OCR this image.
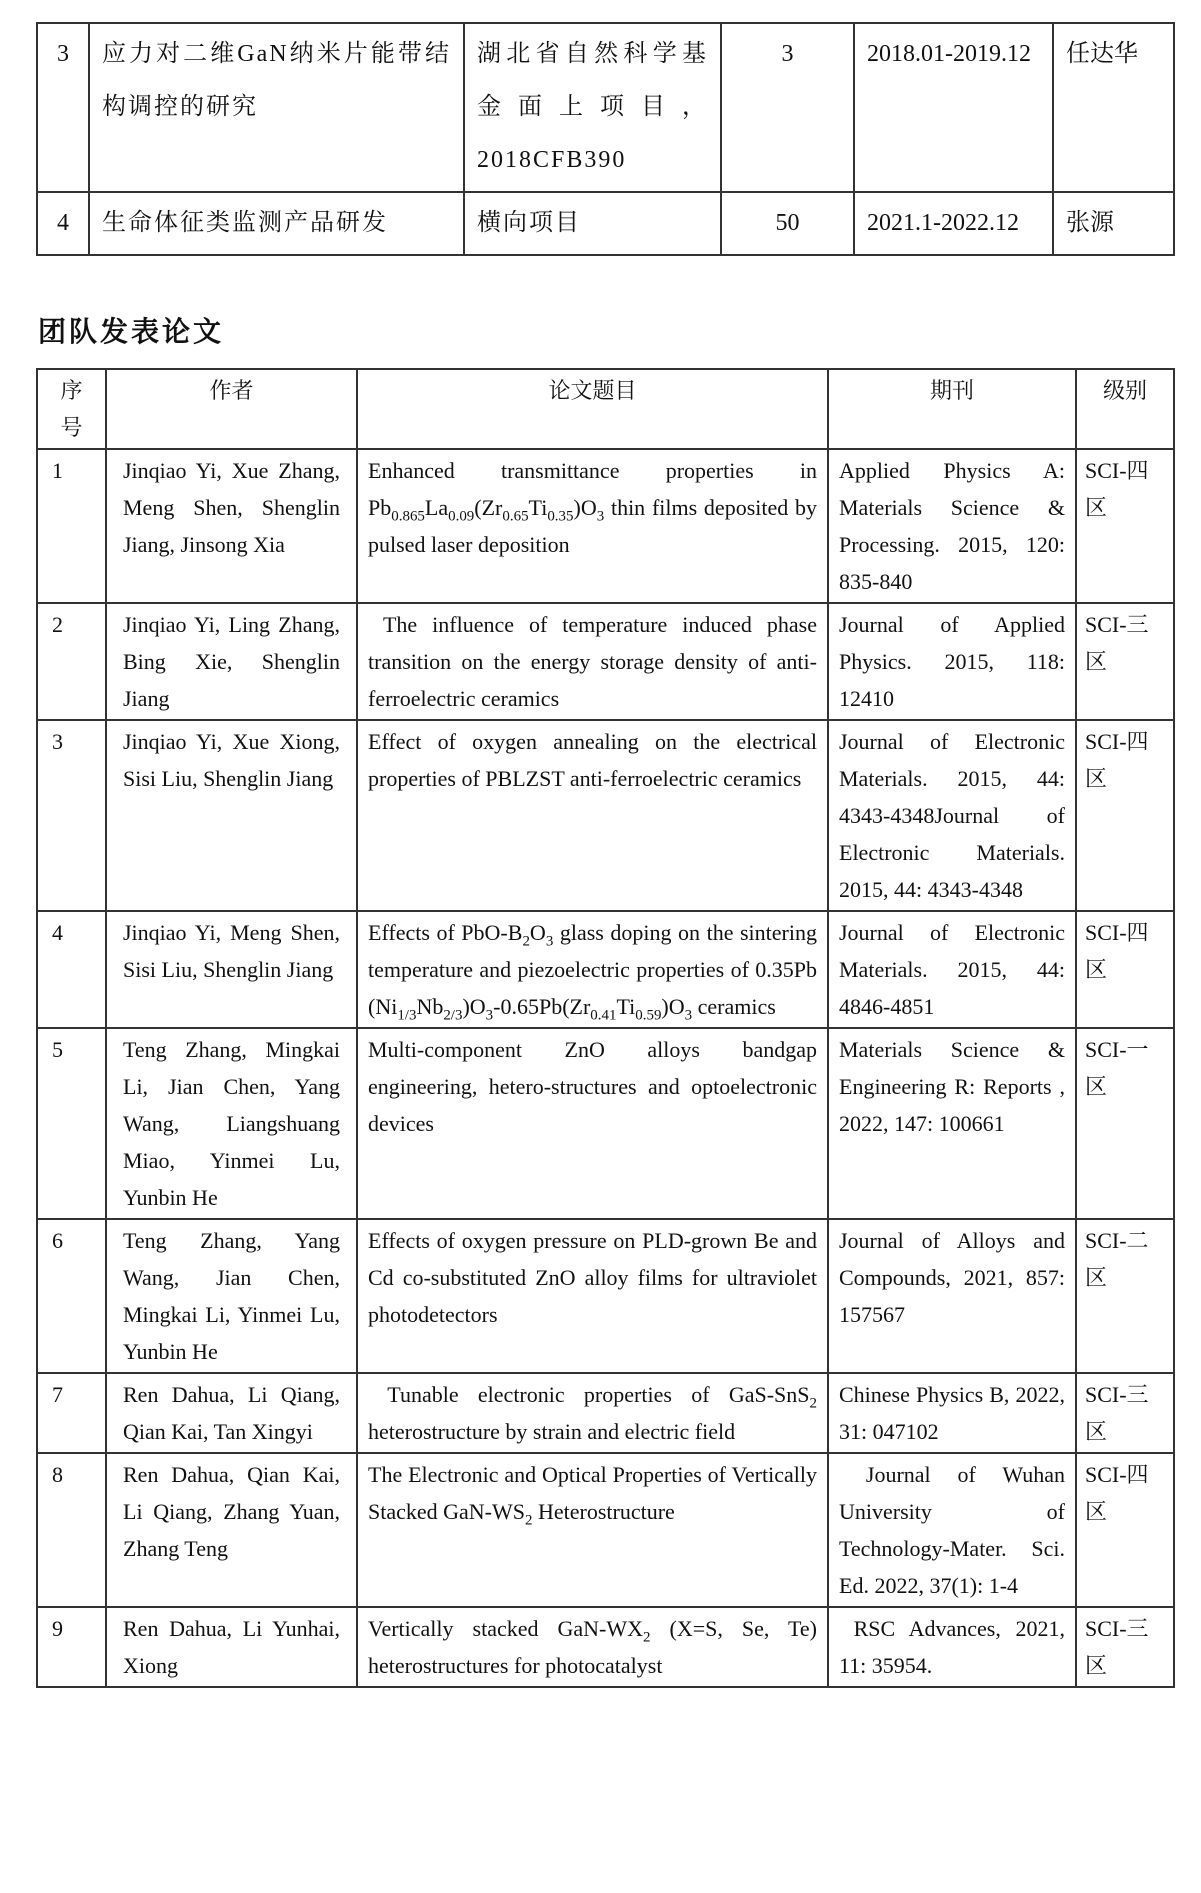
3	应力对二维GaN纳米片能带结构调控的研究	湖北省自然科学基金面上项目，2018CFB390	3	2018.01-2019.12	任达华
4	生命体征类监测产品研发	横向项目	50	2021.1-2022.12	张源
团队发表论文
序号	作者	论文题目	期刊	级别
1	Jinqiao Yi, Xue Zhang, Meng Shen, Shenglin Jiang, Jinsong Xia	Enhanced transmittance properties in $Pb_{0.865}La_{0.09}(Zr_{0.65}Ti_{0.35})O_3$ thin films deposited by pulsed laser deposition	Applied Physics A: Materials Science & Processing. 2015, 120: 835-840	SCI-四区
2	Jinqiao Yi, Ling Zhang, Bing Xie, Shenglin Jiang	The influence of temperature induced phase transition on the energy storage density of anti-ferroelectric ceramics	Journal of Applied Physics. 2015, 118: 12410	SCI-三区
3	Jinqiao Yi, Xue Xiong, Sisi Liu, Shenglin Jiang	Effect of oxygen annealing on the electrical properties of PBLZST anti-ferroelectric ceramics	Journal of Electronic Materials. 2015, 44: 4343-4348Journal of Electronic Materials. 2015, 44: 4343-4348	SCI-四区
4	Jinqiao Yi, Meng Shen, Sisi Liu, Shenglin Jiang	Effects of PbO-$B_2O_3$ glass doping on the sintering temperature and piezoelectric properties of 0.35Pb $(Ni_{1/3}Nb_{2/3})O_3-0.65Pb(Zr_{0.41}Ti_{0.59})O_3$ ceramics	Journal of Electronic Materials. 2015, 44: 4846-4851	SCI-四区
5	Teng Zhang, Mingkai Li, Jian Chen, Yang Wang, Liangshuang Miao, Yinmei Lu, Yunbin He	Multi-component ZnO alloys bandgap engineering, hetero-structures and optoelectronic devices	Materials Science & Engineering R: Reports , 2022, 147: 100661	SCI-一区
6	Teng Zhang, Yang Wang, Jian Chen, Mingkai Li, Yinmei Lu, Yunbin He	Effects of oxygen pressure on PLD-grown Be and Cd co-substituted ZnO alloy films for ultraviolet photodetectors	Journal of Alloys and Compounds, 2021, 857: 157567	SCI-二区
7	Ren Dahua, Li Qiang, Qian Kai, Tan Xingyi	Tunable electronic properties of GaS-SnS$_2$ heterostructure by strain and electric field	Chinese Physics B, 2022, 31: 047102	SCI-三区
8	Ren Dahua, Qian Kai, Li Qiang, Zhang Yuan, Zhang Teng	The Electronic and Optical Properties of Vertically Stacked GaN-$WS_2$ Heterostructure	Journal of Wuhan University of Technology-Mater. Sci. Ed. 2022, 37(1): 1-4	SCI-四区
9	Ren Dahua, Li Yunhai, Xiong	Vertically stacked GaN-$WX_2$ (X=S, Se, Te) heterostructures for photocatalyst	RSC Advances, 2021, 11: 35954.	SCI-三区
